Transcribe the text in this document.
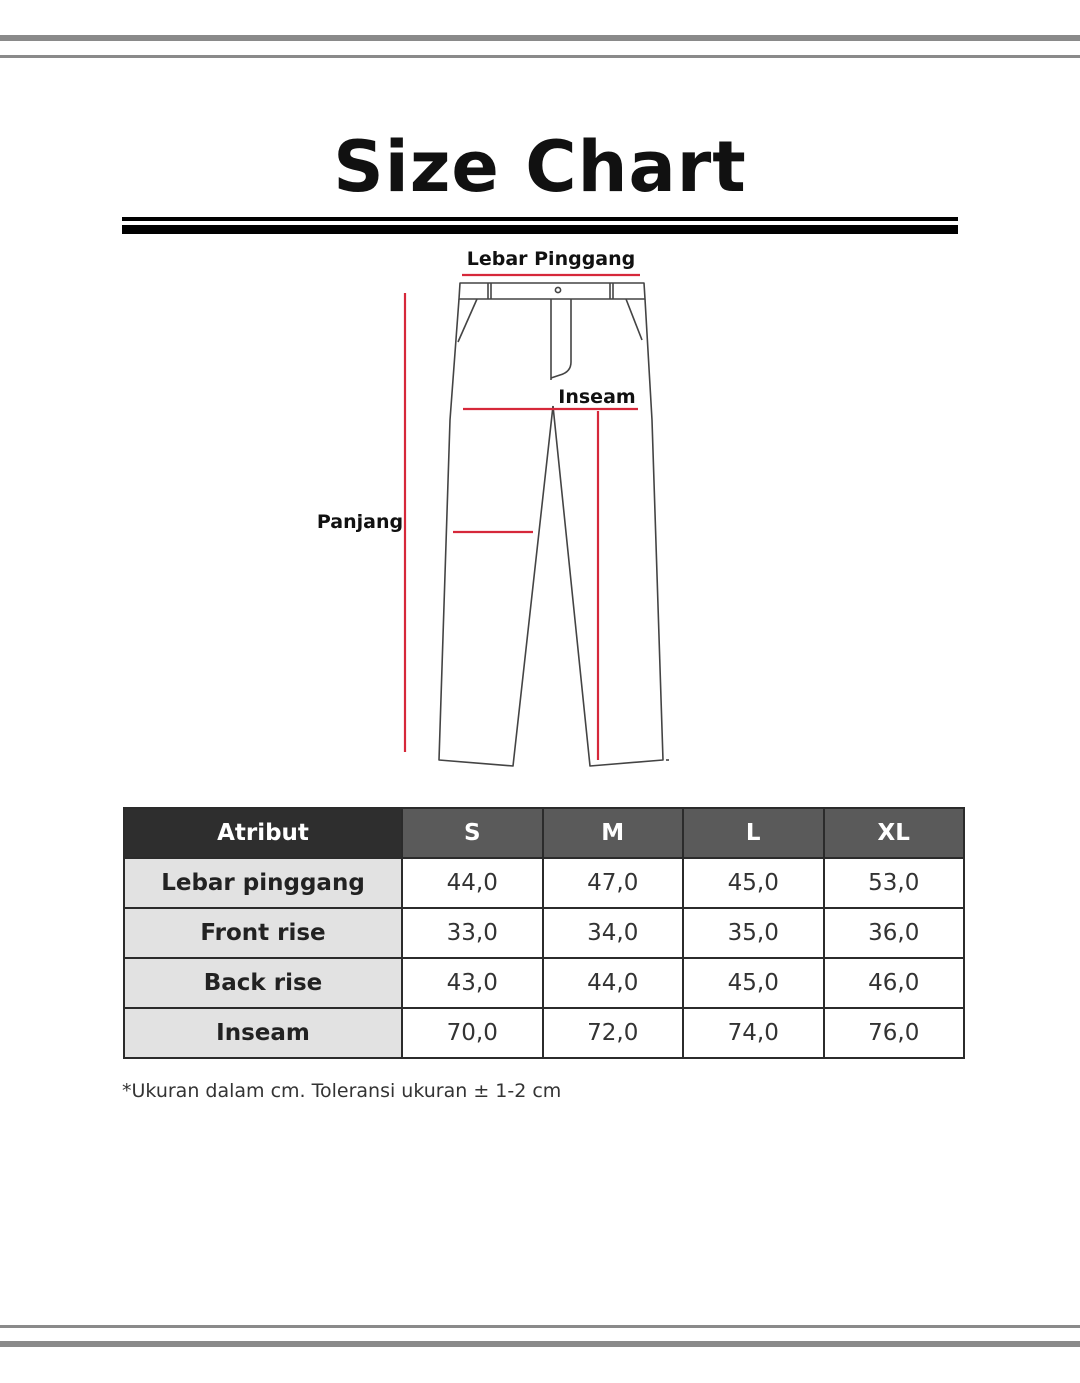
Size Chart
Lebar Pinggang
Inseam
Panjang
Atribut	S	M	L	XL
Lebar pinggang	44,0	47,0	45,0	53,0
Front rise	33,0	34,0	35,0	36,0
Back rise	43,0	44,0	45,0	46,0
Inseam	70,0	72,0	74,0	76,0
*Ukuran dalam cm. Toleransi ukuran ± 1-2 cm
